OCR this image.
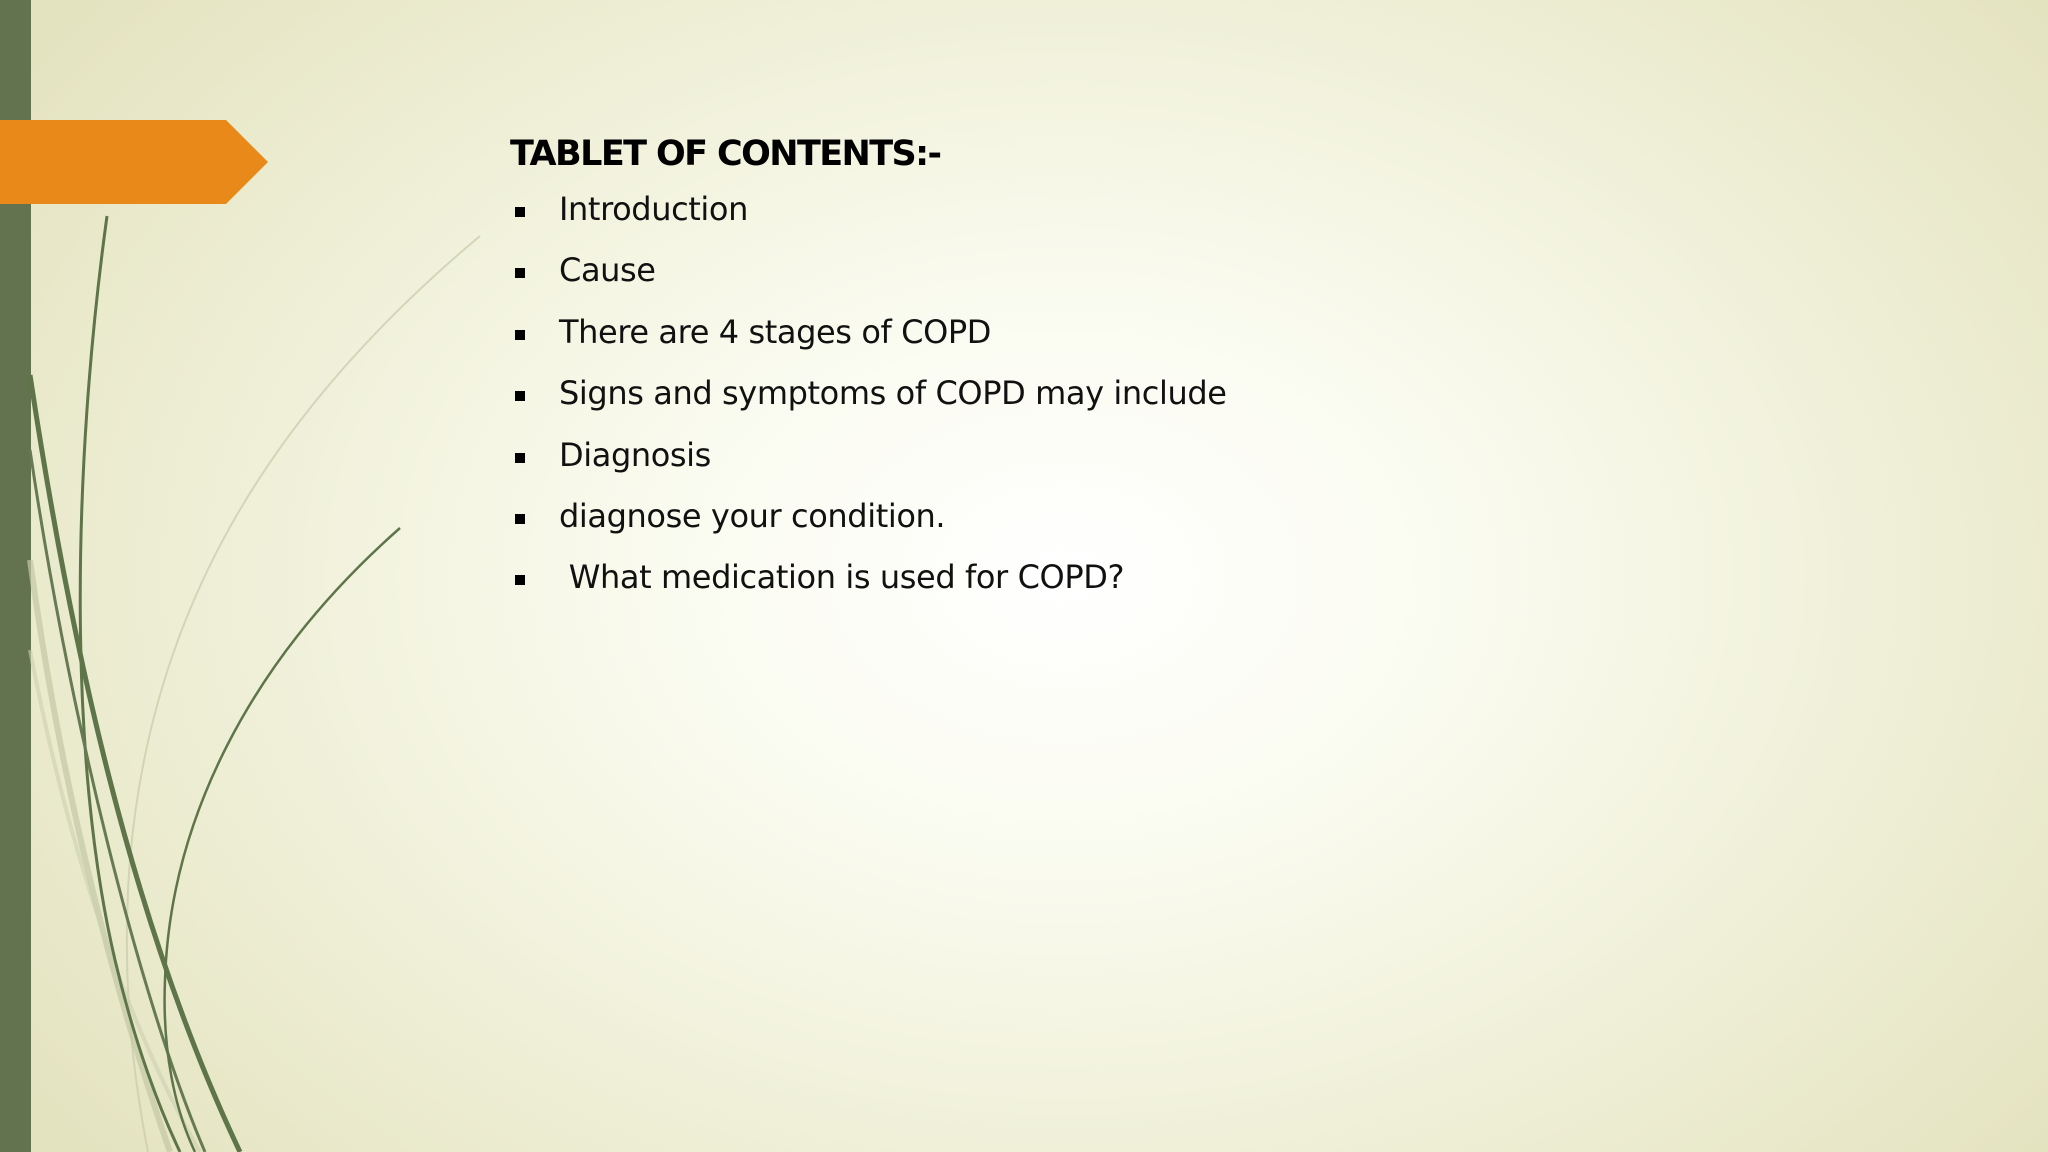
TABLET OF CONTENTS:-
Introduction
Cause
There are 4 stages of COPD
Signs and symptoms of COPD may include
Diagnosis
diagnose your condition.
What medication is used for COPD?
